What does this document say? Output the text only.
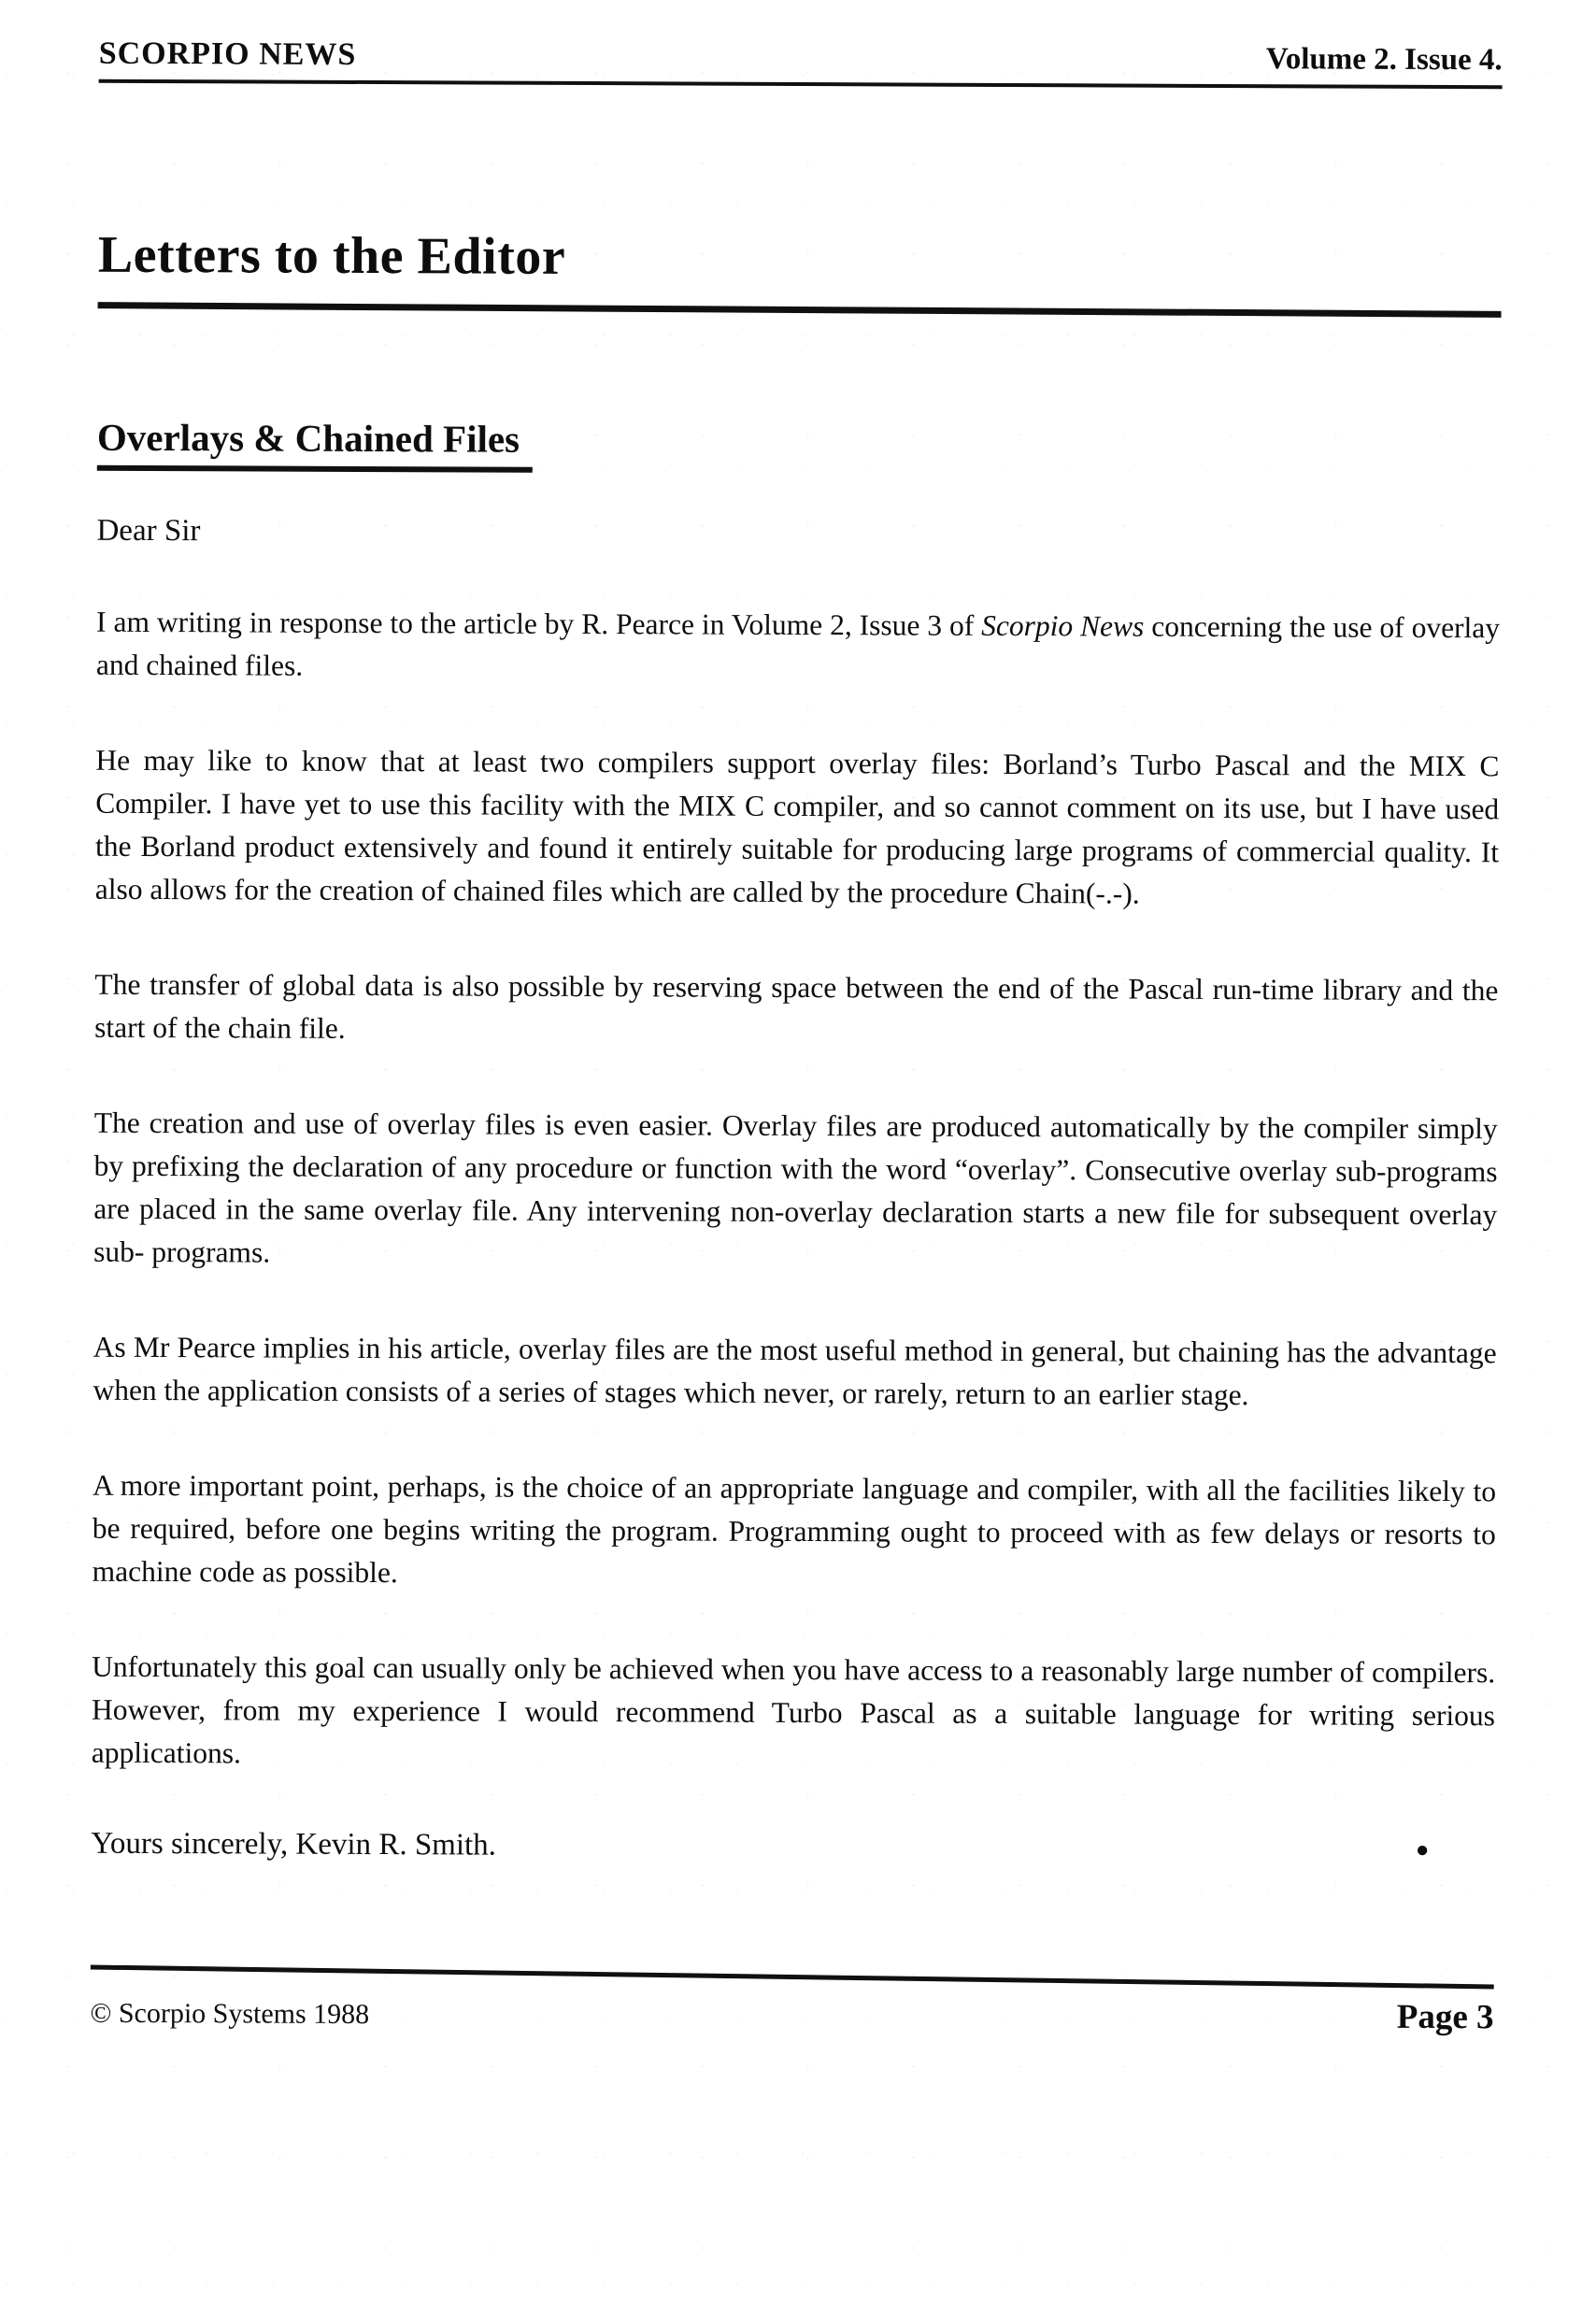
SCORPIO NEWS	Volume 2. Issue 4.
Letters to the Editor
Overlays & Chained Files
Dear Sir

I am writing in response to the article by R. Pearce in Volume 2, Issue 3 of Scorpio News concerning the use of overlay and chained files.

He may like to know that at least two compilers support overlay files: Borland’s Turbo Pascal and the MIX C Compiler. I have yet to use this facility with the MIX C compiler, and so cannot comment on its use, but I have used the Borland product extensively and found it entirely suitable for producing large programs of commercial quality. It also allows for the creation of chained files which are called by the procedure Chain(-.-).

The transfer of global data is also possible by reserving space between the end of the Pascal run-time library and the start of the chain file.

The creation and use of overlay files is even easier. Overlay files are produced automatically by the compiler simply by prefixing the declaration of any procedure or function with the word “overlay”. Consecutive overlay sub-programs are placed in the same overlay file. Any intervening non-overlay declaration starts a new file for subsequent overlay sub- programs.

As Mr Pearce implies in his article, overlay files are the most useful method in general, but chaining has the advantage when the application consists of a series of stages which never, or rarely, return to an earlier stage.

A more important point, perhaps, is the choice of an appropriate language and compiler, with all the facilities likely to be required, before one begins writing the program. Programming ought to proceed with as few delays or resorts to machine code as possible.

Unfortunately this goal can usually only be achieved when you have access to a reasonably large number of compilers. However, from my experience I would recommend Turbo Pascal as a suitable language for writing serious applications.

Yours sincerely, Kevin R. Smith.	●
© Scorpio Systems 1988	Page 3
